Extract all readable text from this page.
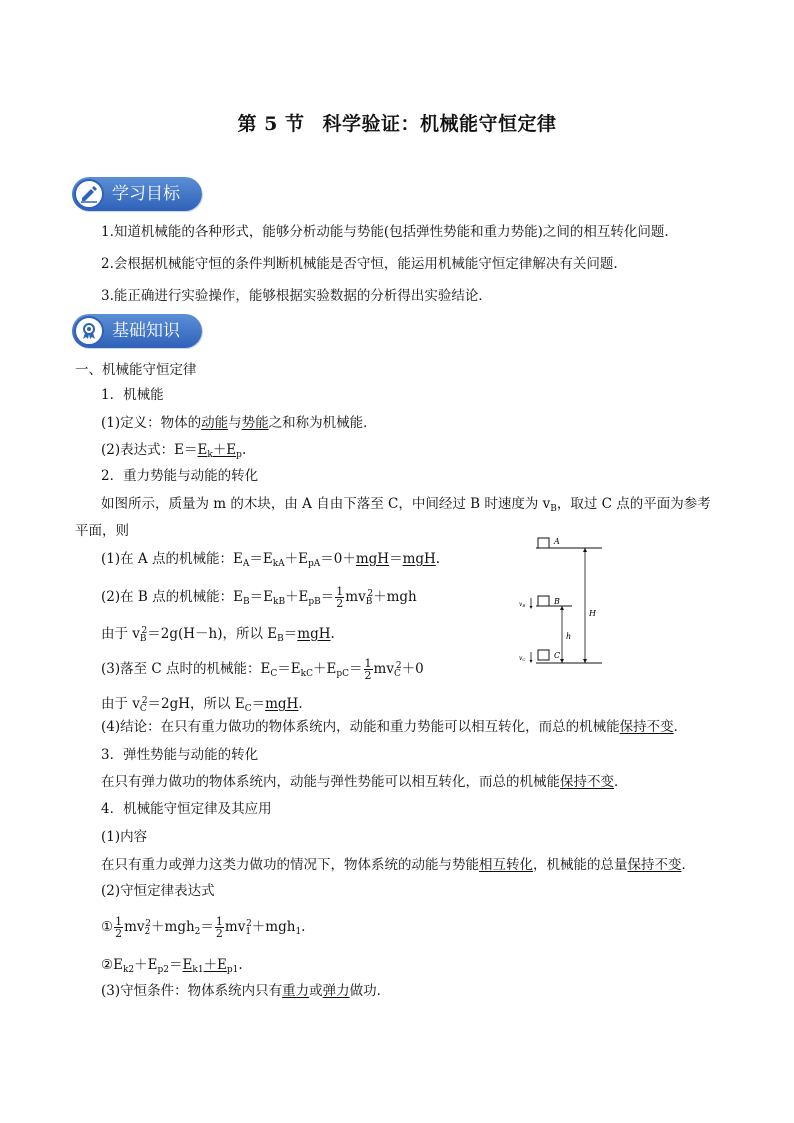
第 5 节 科学验证：机械能守恒定律
学习目标
1.知道机械能的各种形式，能够分析动能与势能(包括弹性势能和重力势能)之间的相互转化问题.
2.会根据机械能守恒的条件判断机械能是否守恒，能运用机械能守恒定律解决有关问题.
3.能正确进行实验操作，能够根据实验数据的分析得出实验结论．
基础知识
一、机械能守恒定律
1．机械能
(1)定义：物体的动能与势能之和称为机械能．
(2)表达式：$E=E_k+E_p$.
2．重力势能与动能的转化
如图所示，质量为 m 的木块，由 A 自由下落至 C，中间经过 B 时速度为 $v_B$，取过 C 点的平面为参考
平面，则
(1)在 A 点的机械能：$E_A=E_{kA}+E_{pA}=0+mgH=mgH$.
(2)在 B 点的机械能：$E_B=E_{kB}+E_{pB}= \frac{1}{2} mv_B^2+mgh$
由于 $v_B^2=2g(H-h)$，所以 $E_B=mgH$.
(3)落至 C 点时的机械能：$E_C=E_{kC}+E_{pC}= \frac{1}{2} mv_C^2+0$
由于 $v_C^2=2gH$，所以 $E_C=mgH$.
(4)结论：在只有重力做功的物体系统内，动能和重力势能可以相互转化，而总的机械能保持不变．
3．弹性势能与动能的转化
在只有弹力做功的物体系统内，动能与弹性势能可以相互转化，而总的机械能保持不变．
4．机械能守恒定律及其应用
(1)内容
在只有重力或弹力这类力做功的情况下，物体系统的动能与势能相互转化，机械能的总量保持不变．
(2)守恒定律表达式
① $\frac{1}{2} mv_2^2+mgh_2= \frac{1}{2} mv_1^2+mgh_1$.
$②E_{k2}+E_{p2}=E_{k1}+E_{p1}$.
(3)守恒条件：物体系统内只有重力或弹力做功．
A
B
vB
C
vC
H
h
